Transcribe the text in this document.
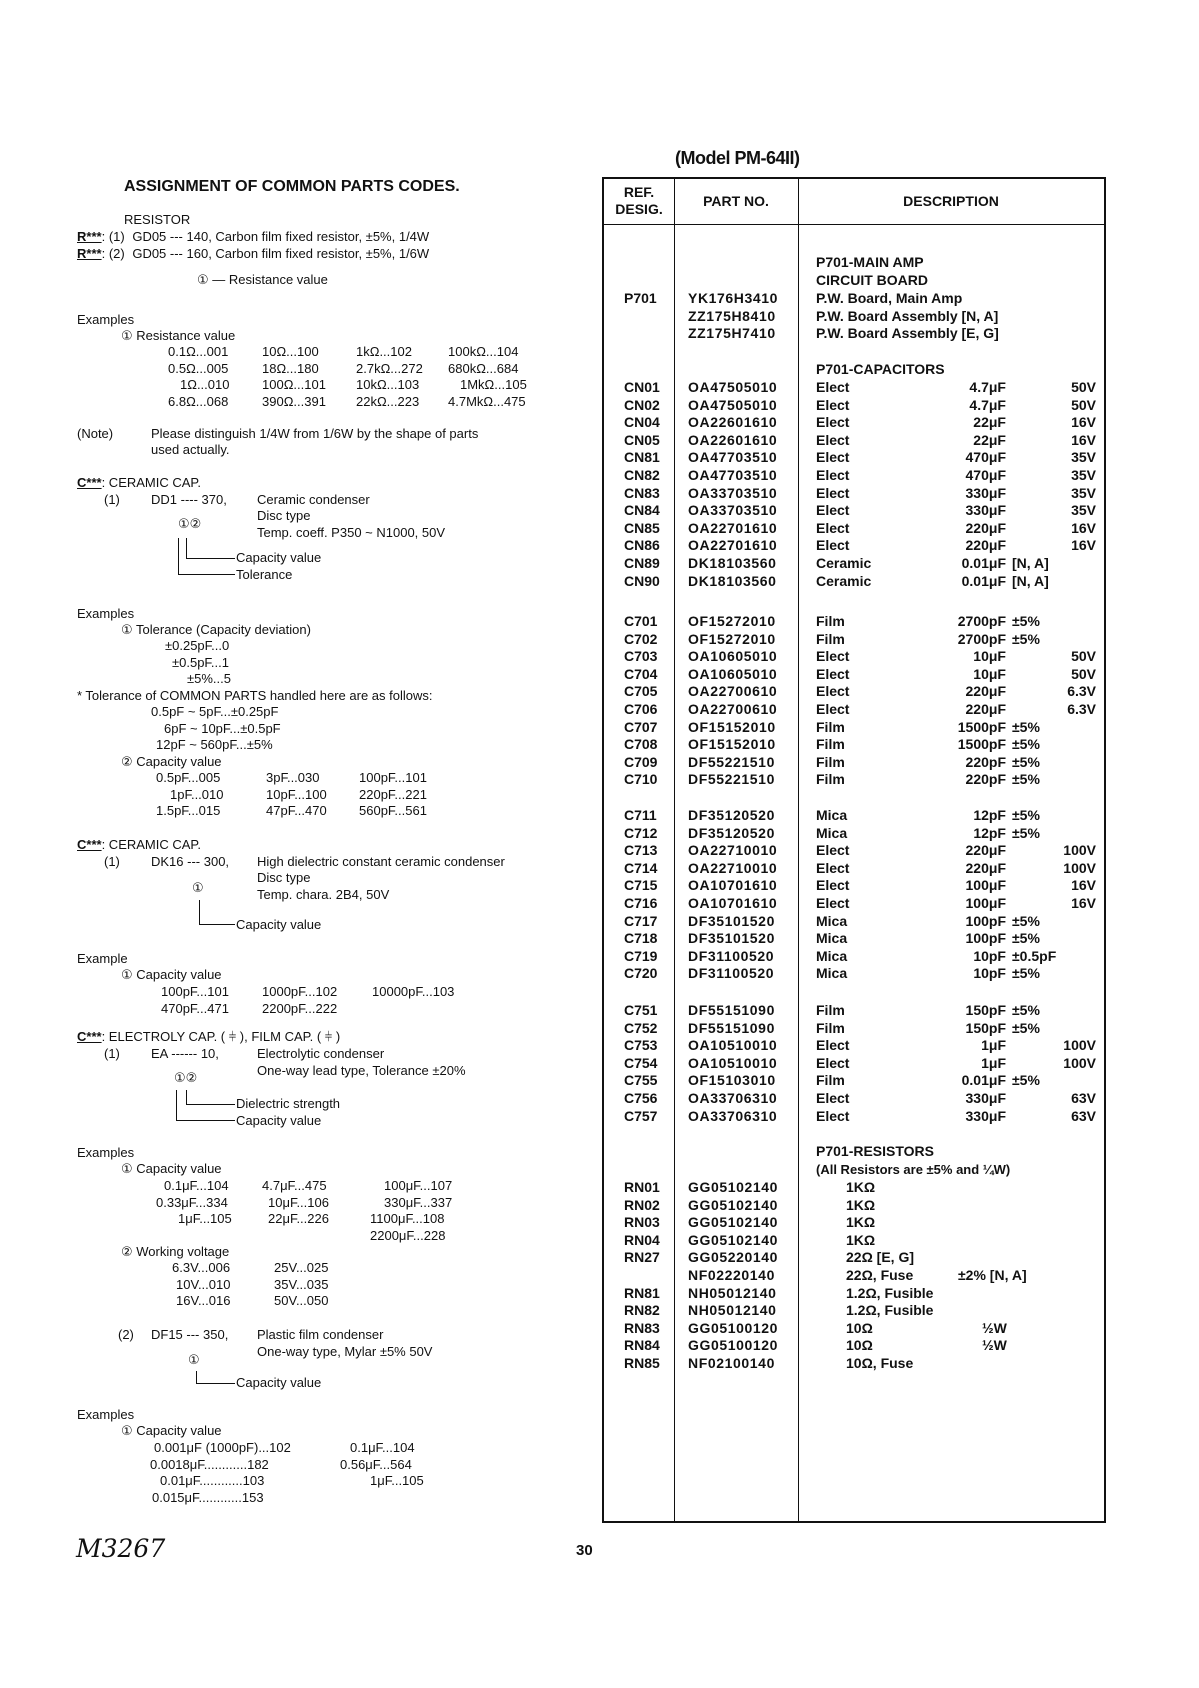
ASSIGNMENT OF COMMON PARTS CODES.
RESISTOR
R***: (1) GD05 --- 140, Carbon film fixed resistor, ±5%, 1/4W
R***: (2) GD05 --- 160, Carbon film fixed resistor, ±5%, 1/6W
① — Resistance value
Examples
① Resistance value
0.1Ω...001	10Ω...100	1kΩ...102	100kΩ...104
0.5Ω...005	18Ω...180	2.7kΩ...272	680kΩ...684
1Ω...010	100Ω...101	10kΩ...103	1MkΩ...105
6.8Ω...068	390Ω...391	22kΩ...223	4.7MkΩ...475
(Note)	Please distinguish 1/4W from 1/6W by the shape of parts
used actually.
C***: CERAMIC CAP.
(1) DD1 ---- 370,
①②
Ceramic condenser
Disc type
Temp. coeff. P350 ~ N1000, 50V
Capacity value
Tolerance
Examples
① Tolerance (Capacity deviation)
±0.25pF...0
±0.5pF...1
±5%...5
* Tolerance of COMMON PARTS handled here are as follows:
0.5pF ~ 5pF...±0.25pF
6pF ~ 10pF...±0.5pF
12pF ~ 560pF...±5%
② Capacity value
0.5pF...005	3pF...030	100pF...101
1pF...010	10pF...100	220pF...221
1.5pF...015	47pF...470	560pF...561
C***: CERAMIC CAP.
(1) DK16 --- 300,
①
High dielectric constant ceramic condenser
Disc type
Temp. chara. 2B4, 50V
Capacity value
Example
① Capacity value
100pF...101	1000pF...102	10000pF...103
470pF...471	2200pF...222
C***: ELECTROLY CAP. ( ⫩ ), FILM CAP. ( ⫩ )
(1) EA ------ 10,
①②
Electrolytic condenser
One-way lead type, Tolerance ±20%
Dielectric strength
Capacity value
Examples
① Capacity value
0.1μF...104	4.7μF...475	100μF...107
0.33μF...334	10μF...106	330μF...337
1μF...105	22μF...226	1100μF...108
2200μF...228
② Working voltage
6.3V...006	25V...025
10V...010	35V...035
16V...016	50V...050
(2) DF15 --- 350,
①
Plastic film condenser
One-way type, Mylar ±5% 50V
Capacity value
Examples
① Capacity value
0.001μF (1000pF)...102	0.1μF...104
0.0018μF............182	0.56μF...564
0.01μF............103	1μF...105
0.015μF............153
M3267	30
(Model PM-64II)
REF.
DESIG.	PART NO.	DESCRIPTION
P701-MAIN AMP
CIRCUIT BOARD
P701 YK176H3410	P.W. Board, Main Amp
ZZ175H8410	P.W. Board Assembly [N, A]
ZZ175H7410	P.W. Board Assembly [E, G]
P701-CAPACITORS
CN01 OA47505010	Elect	4.7μF	50V
CN02 OA47505010	Elect	4.7μF	50V
CN04 OA22601610	Elect	22μF	16V
CN05 OA22601610	Elect	22μF	16V
CN81 OA47703510	Elect	470μF	35V
CN82 OA47703510	Elect	470μF	35V
CN83 OA33703510	Elect	330μF	35V
CN84 OA33703510	Elect	330μF	35V
CN85 OA22701610	Elect	220μF	16V
CN86 OA22701610	Elect	220μF	16V
CN89 DK18103560	Ceramic	0.01μF [N, A]
CN90 DK18103560	Ceramic	0.01μF [N, A]
C701 OF15272010	Film	2700pF ±5%
C702 OF15272010	Film	2700pF ±5%
C703 OA10605010	Elect	10μF	50V
C704 OA10605010	Elect	10μF	50V
C705 OA22700610	Elect	220μF	6.3V
C706 OA22700610	Elect	220μF	6.3V
C707 OF15152010	Film	1500pF ±5%
C708 OF15152010	Film	1500pF ±5%
C709 DF55221510	Film	220pF ±5%
C710 DF55221510	Film	220pF ±5%
C711 DF35120520	Mica	12pF ±5%
C712 DF35120520	Mica	12pF ±5%
C713 OA22710010	Elect	220μF	100V
C714 OA22710010	Elect	220μF	100V
C715 OA10701610	Elect	100μF	16V
C716 OA10701610	Elect	100μF	16V
C717 DF35101520	Mica	100pF ±5%
C718 DF35101520	Mica	100pF ±5%
C719 DF31100520	Mica	10pF ±0.5pF
C720 DF31100520	Mica	10pF ±5%
C751 DF55151090	Film	150pF ±5%
C752 DF55151090	Film	150pF ±5%
C753 OA10510010	Elect	1μF	100V
C754 OA10510010	Elect	1μF	100V
C755 OF15103010	Film	0.01μF ±5%
C756 OA33706310	Elect	330μF	63V
C757 OA33706310	Elect	330μF	63V
P701-RESISTORS
(All Resistors are ±5% and ¼W)
RN01 GG05102140	1KΩ
RN02 GG05102140	1KΩ
RN03 GG05102140	1KΩ
RN04 GG05102140	1KΩ
RN27 GG05220140	22Ω [E, G]
NF02220140	22Ω, Fuse	±2% [N, A]
RN81 NH05012140	1.2Ω, Fusible
RN82 NH05012140	1.2Ω, Fusible
RN83 GG05100120	10Ω	½W
RN84 GG05100120	10Ω	½W
RN85 NF02100140	10Ω, Fuse
